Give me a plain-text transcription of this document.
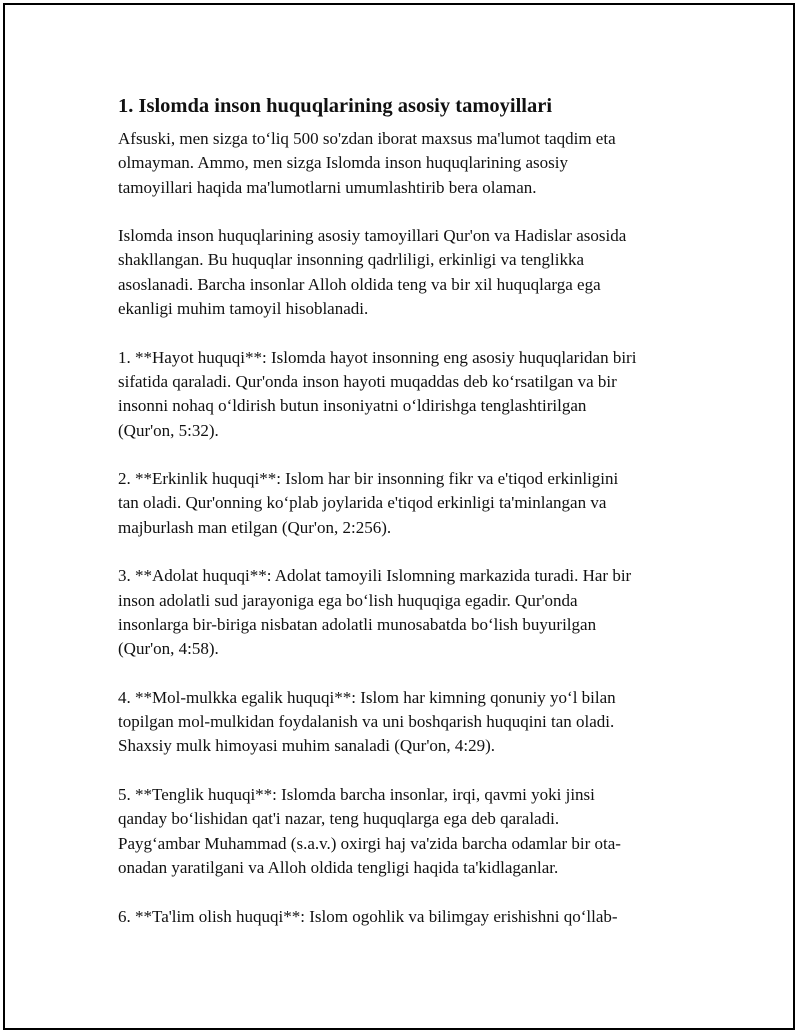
1. Islomda inson huquqlarining asosiy tamoyillari

Afsuski, men sizga to‘liq 500 so'zdan iborat maxsus ma'lumot taqdim eta
olmayman. Ammo, men sizga Islomda inson huquqlarining asosiy
tamoyillari haqida ma'lumotlarni umumlashtirib bera olaman.

Islomda inson huquqlarining asosiy tamoyillari Qur'on va Hadislar asosida
shakllangan. Bu huquqlar insonning qadrliligi, erkinligi va tenglikka
asoslanadi. Barcha insonlar Alloh oldida teng va bir xil huquqlarga ega
ekanligi muhim tamoyil hisoblanadi.

1. **Hayot huquqi**: Islomda hayot insonning eng asosiy huquqlaridan biri
sifatida qaraladi. Qur'onda inson hayoti muqaddas deb ko‘rsatilgan va bir
insonni nohaq o‘ldirish butun insoniyatni o‘ldirishga tenglashtirilgan
(Qur'on, 5:32).

2. **Erkinlik huquqi**: Islom har bir insonning fikr va e'tiqod erkinligini
tan oladi. Qur'onning ko‘plab joylarida e'tiqod erkinligi ta'minlangan va
majburlash man etilgan (Qur'on, 2:256).

3. **Adolat huquqi**: Adolat tamoyili Islomning markazida turadi. Har bir
inson adolatli sud jarayoniga ega bo‘lish huquqiga egadir. Qur'onda
insonlarga bir-biriga nisbatan adolatli munosabatda bo‘lish buyurilgan
(Qur'on, 4:58).

4. **Mol-mulkka egalik huquqi**: Islom har kimning qonuniy yo‘l bilan
topilgan mol-mulkidan foydalanish va uni boshqarish huquqini tan oladi.
Shaxsiy mulk himoyasi muhim sanaladi (Qur'on, 4:29).

5. **Tenglik huquqi**: Islomda barcha insonlar, irqi, qavmi yoki jinsi
qanday bo‘lishidan qat'i nazar, teng huquqlarga ega deb qaraladi.
Payg‘ambar Muhammad (s.a.v.) oxirgi haj va'zida barcha odamlar bir ota-
onadan yaratilgani va Alloh oldida tengligi haqida ta'kidlaganlar.

6. **Ta'lim olish huquqi**: Islom ogohlik va bilimgay erishishni qo‘llab-
